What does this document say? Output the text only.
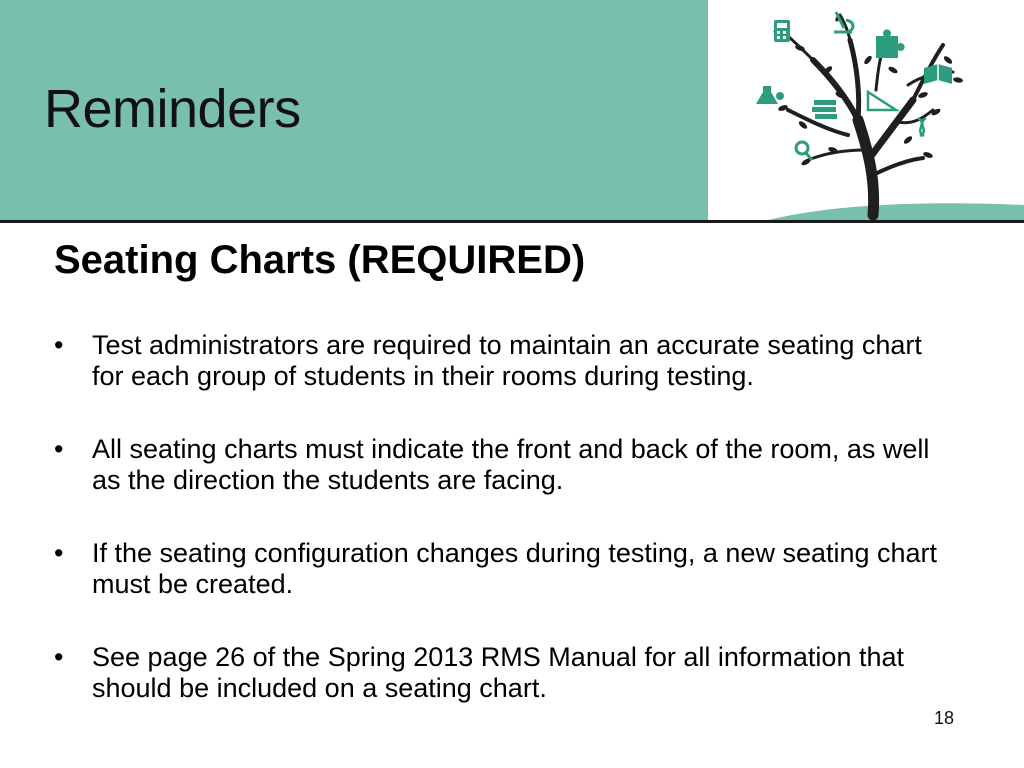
Reminders
Seating Charts (REQUIRED)
• Test administrators are required to maintain an accurate seating chart for each group of students in their rooms during testing.
• All seating charts must indicate the front and back of the room, as well as the direction the students are facing.
• If the seating configuration changes during testing, a new seating chart must be created.
• See page 26 of the Spring 2013 RMS Manual for all information that should be included on a seating chart.
18
